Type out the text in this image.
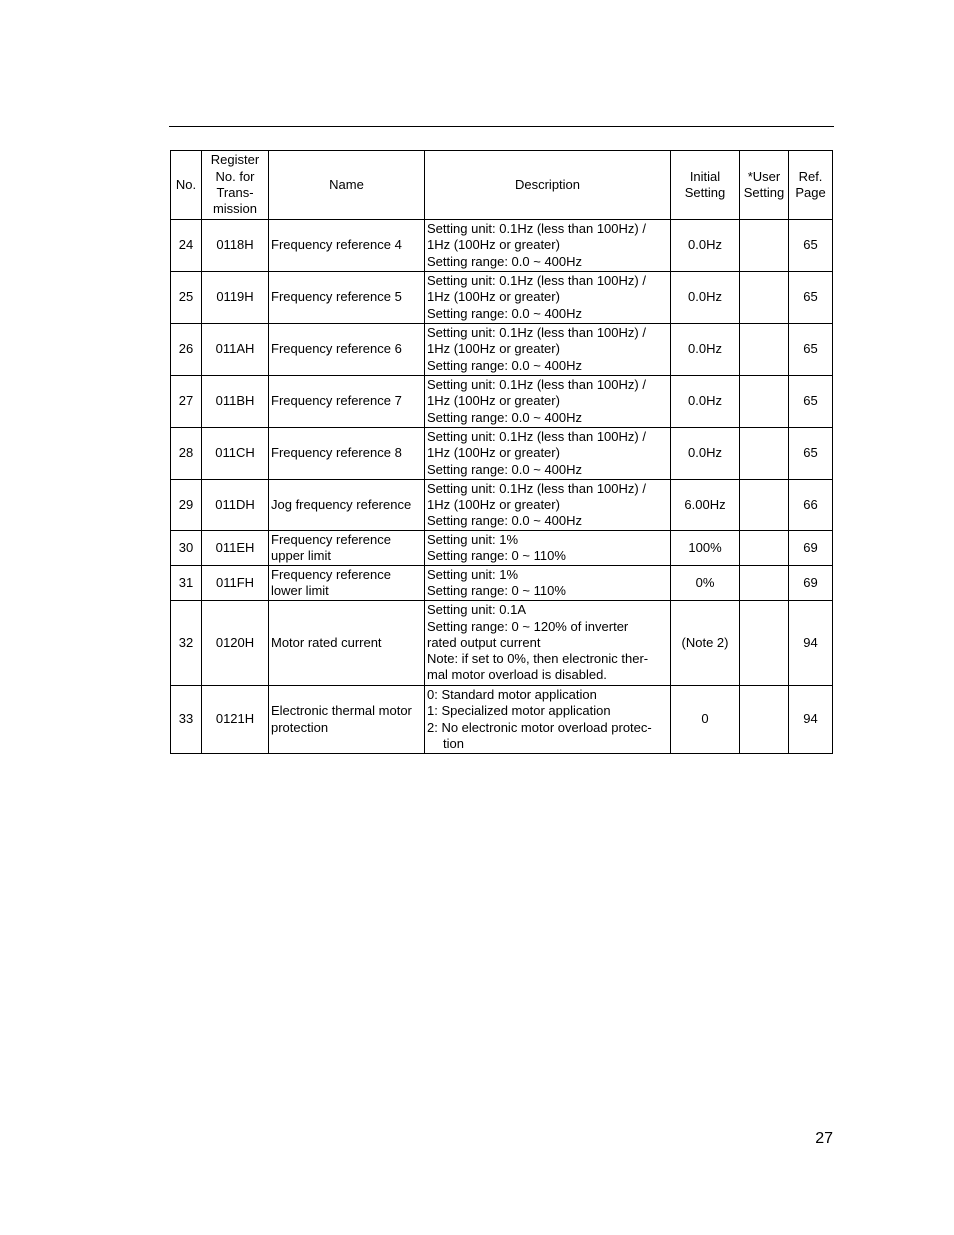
No.	Register
No. for
Trans-
mission	Name	Description	Initial
Setting	*User
Setting	Ref.
Page

24	0118H	Frequency reference 4	Setting unit: 0.1Hz (less than 100Hz) /
1Hz (100Hz or greater)
Setting range: 0.0 ~ 400Hz	0.0Hz		65
25	0119H	Frequency reference 5	Setting unit: 0.1Hz (less than 100Hz) /
1Hz (100Hz or greater)
Setting range: 0.0 ~ 400Hz	0.0Hz		65
26	011AH	Frequency reference 6	Setting unit: 0.1Hz (less than 100Hz) /
1Hz (100Hz or greater)
Setting range: 0.0 ~ 400Hz	0.0Hz		65
27	011BH	Frequency reference 7	Setting unit: 0.1Hz (less than 100Hz) /
1Hz (100Hz or greater)
Setting range: 0.0 ~ 400Hz	0.0Hz		65
28	011CH	Frequency reference 8	Setting unit: 0.1Hz (less than 100Hz) /
1Hz (100Hz or greater)
Setting range: 0.0 ~ 400Hz	0.0Hz		65
29	011DH	Jog frequency reference	Setting unit: 0.1Hz (less than 100Hz) /
1Hz (100Hz or greater)
Setting range: 0.0 ~ 400Hz	6.00Hz		66
30	011EH	Frequency reference
upper limit	Setting unit: 1%
Setting range: 0 ~ 110%	100%		69
31	011FH	Frequency reference
lower limit	Setting unit: 1%
Setting range: 0 ~ 110%	0%		69
32	0120H	Motor rated current	Setting unit: 0.1A
Setting range: 0 ~ 120% of inverter
rated output current
Note: if set to 0%, then electronic ther-
mal motor overload is disabled.	(Note 2)		94
33	0121H	Electronic thermal motor
protection	0: Standard motor application
1: Specialized motor application
2: No electronic motor overload protec-
tion	0		94
27
